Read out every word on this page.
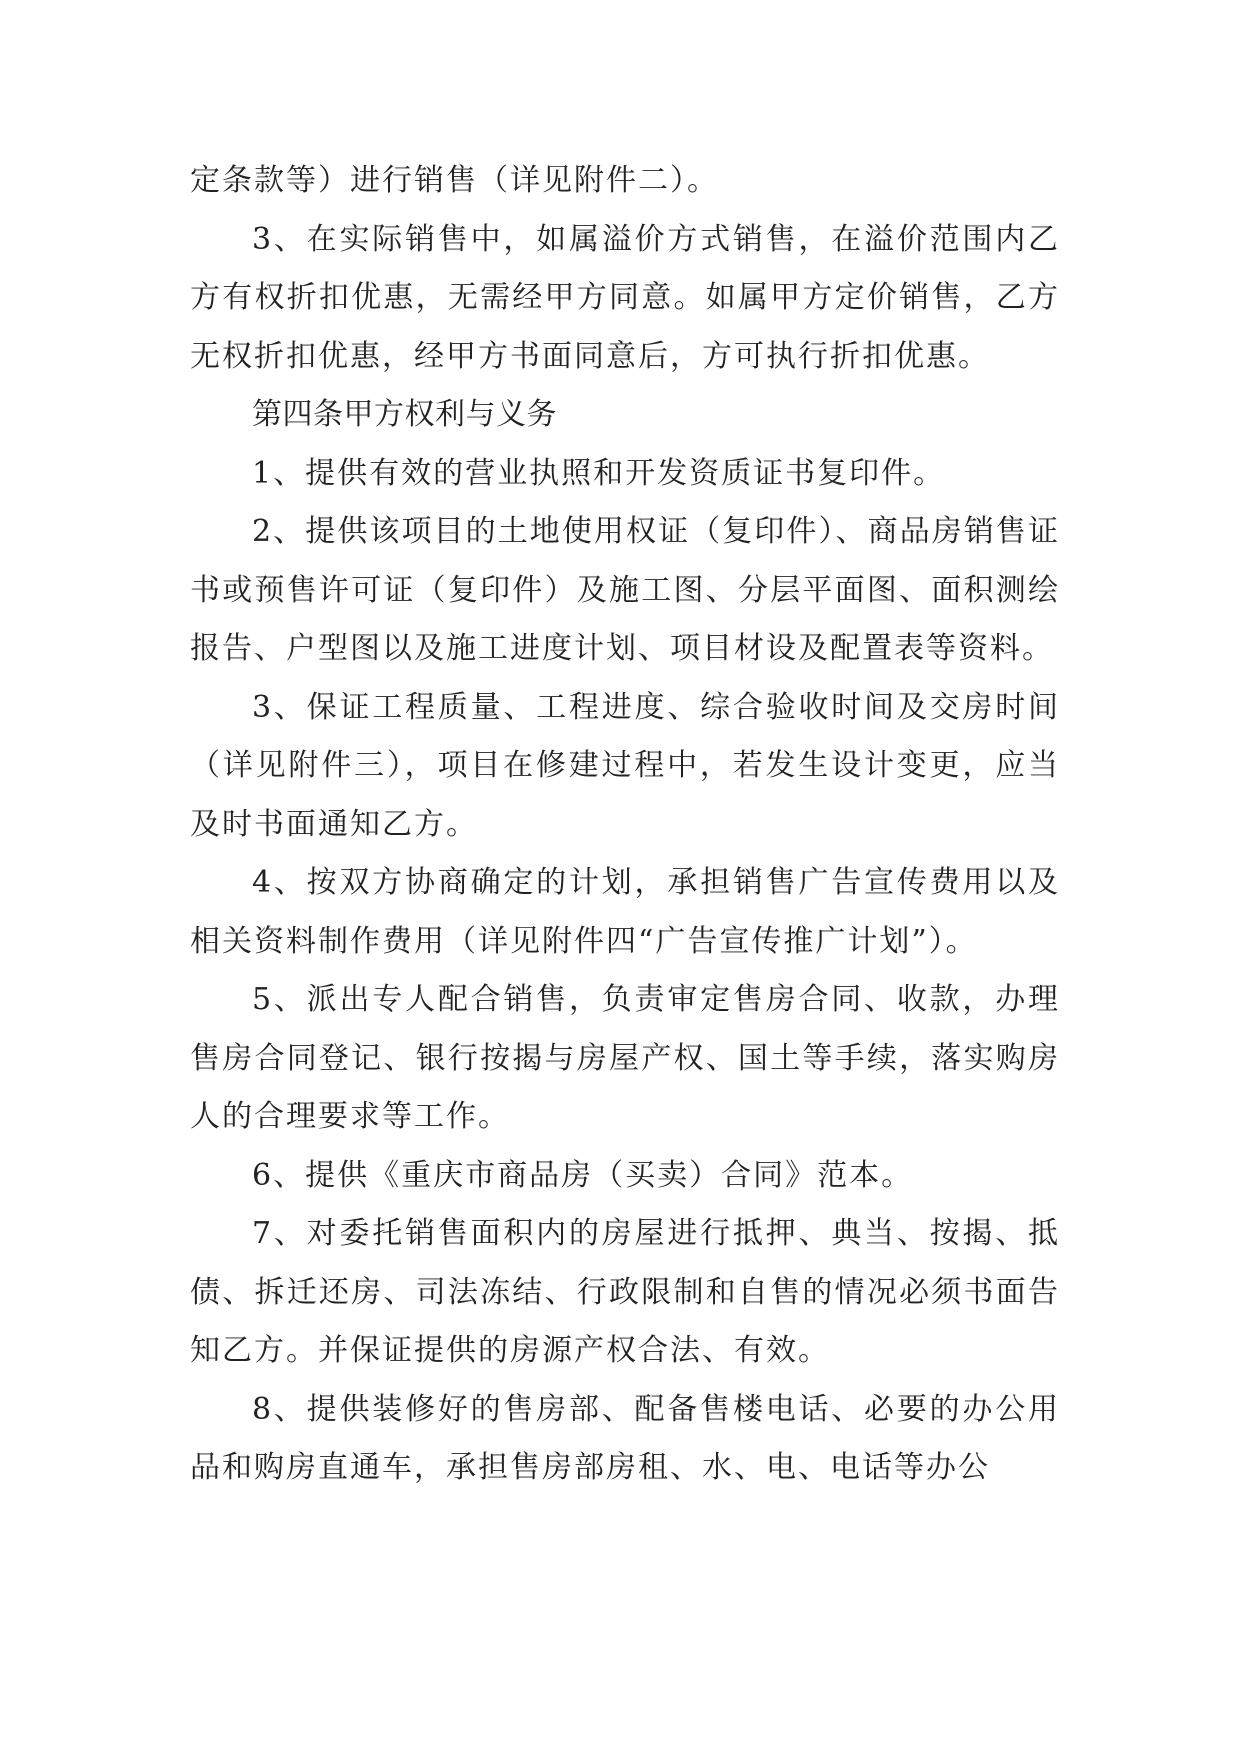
定条款等）进行销售（详见附件二）。

3、在实际销售中，如属溢价方式销售，在溢价范围内乙方有权折扣优惠，无需经甲方同意。如属甲方定价销售，乙方无权折扣优惠，经甲方书面同意后，方可执行折扣优惠。

第四条甲方权利与义务

1、提供有效的营业执照和开发资质证书复印件。

2、提供该项目的土地使用权证（复印件）、商品房销售证书或预售许可证（复印件）及施工图、分层平面图、面积测绘报告、户型图以及施工进度计划、项目材设及配置表等资料。

3、保证工程质量、工程进度、综合验收时间及交房时间（详见附件三），项目在修建过程中，若发生设计变更，应当及时书面通知乙方。

4、按双方协商确定的计划，承担销售广告宣传费用以及相关资料制作费用（详见附件四“广告宣传推广计划”）。

5、派出专人配合销售，负责审定售房合同、收款，办理售房合同登记、银行按揭与房屋产权、国土等手续，落实购房人的合理要求等工作。

6、提供《重庆市商品房（买卖）合同》范本。

7、对委托销售面积内的房屋进行抵押、典当、按揭、抵债、拆迁还房、司法冻结、行政限制和自售的情况必须书面告知乙方。并保证提供的房源产权合法、有效。

8、提供装修好的售房部、配备售楼电话、必要的办公用品和购房直通车，承担售房部房租、水、电、电话等办公
